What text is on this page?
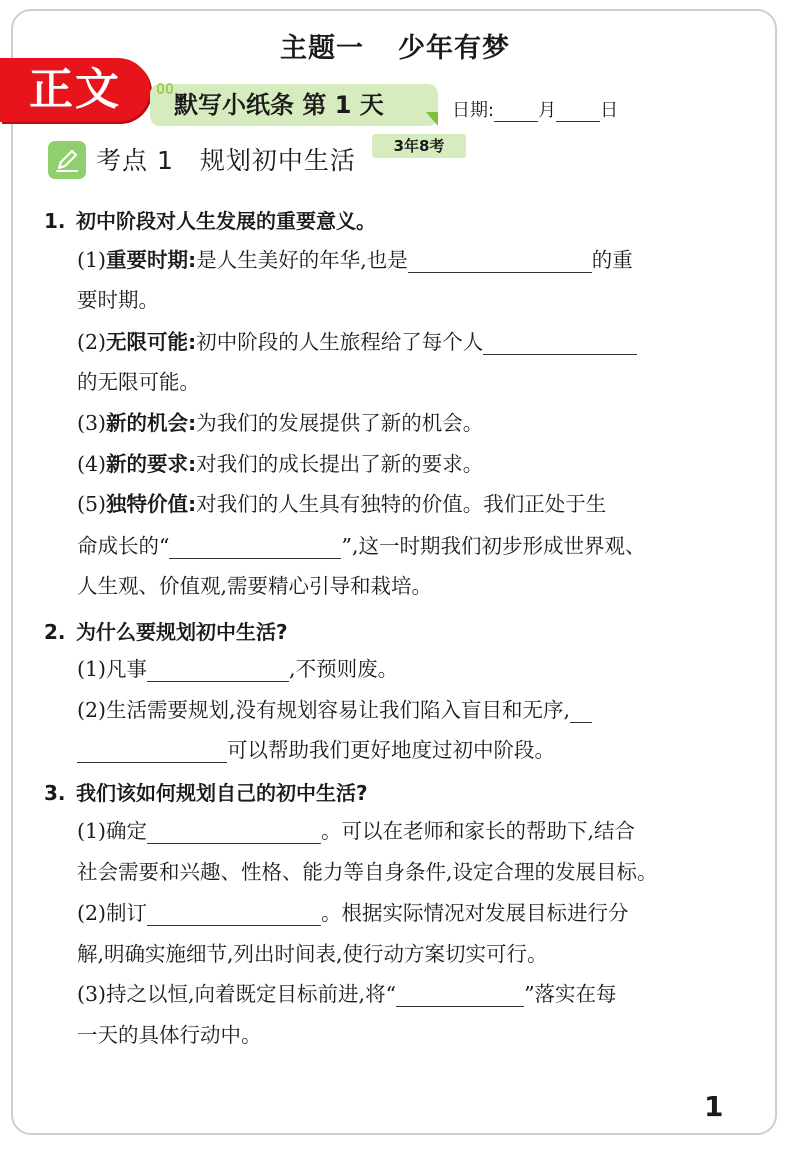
主题一 少年有梦
正文	默写小纸条 第 1 天	日期: 月 日
考点 1　规划初中生活	3年8考
1. 初中阶段对人生发展的重要意义。
(1)重要时期:是人生美好的年华,也是	的重
要时期。
(2)无限可能:初中阶段的人生旅程给了每个人
的无限可能。
(3)新的机会:为我们的发展提供了新的机会。
(4)新的要求:对我们的成长提出了新的要求。
(5)独特价值:对我们的人生具有独特的价值。我们正处于生
命成长的“	”,这一时期我们初步形成世界观、
人生观、价值观,需要精心引导和栽培。
2. 为什么要规划初中生活?
(1)凡事	,不预则废。
(2)生活需要规划,没有规划容易让我们陷入盲目和无序,
可以帮助我们更好地度过初中阶段。
3. 我们该如何规划自己的初中生活?
(1)确定	。可以在老师和家长的帮助下,结合
社会需要和兴趣、性格、能力等自身条件,设定合理的发展目标。
(2)制订	。根据实际情况对发展目标进行分
解,明确实施细节,列出时间表,使行动方案切实可行。
(3)持之以恒,向着既定目标前进,将“	”落实在每
一天的具体行动中。
1
